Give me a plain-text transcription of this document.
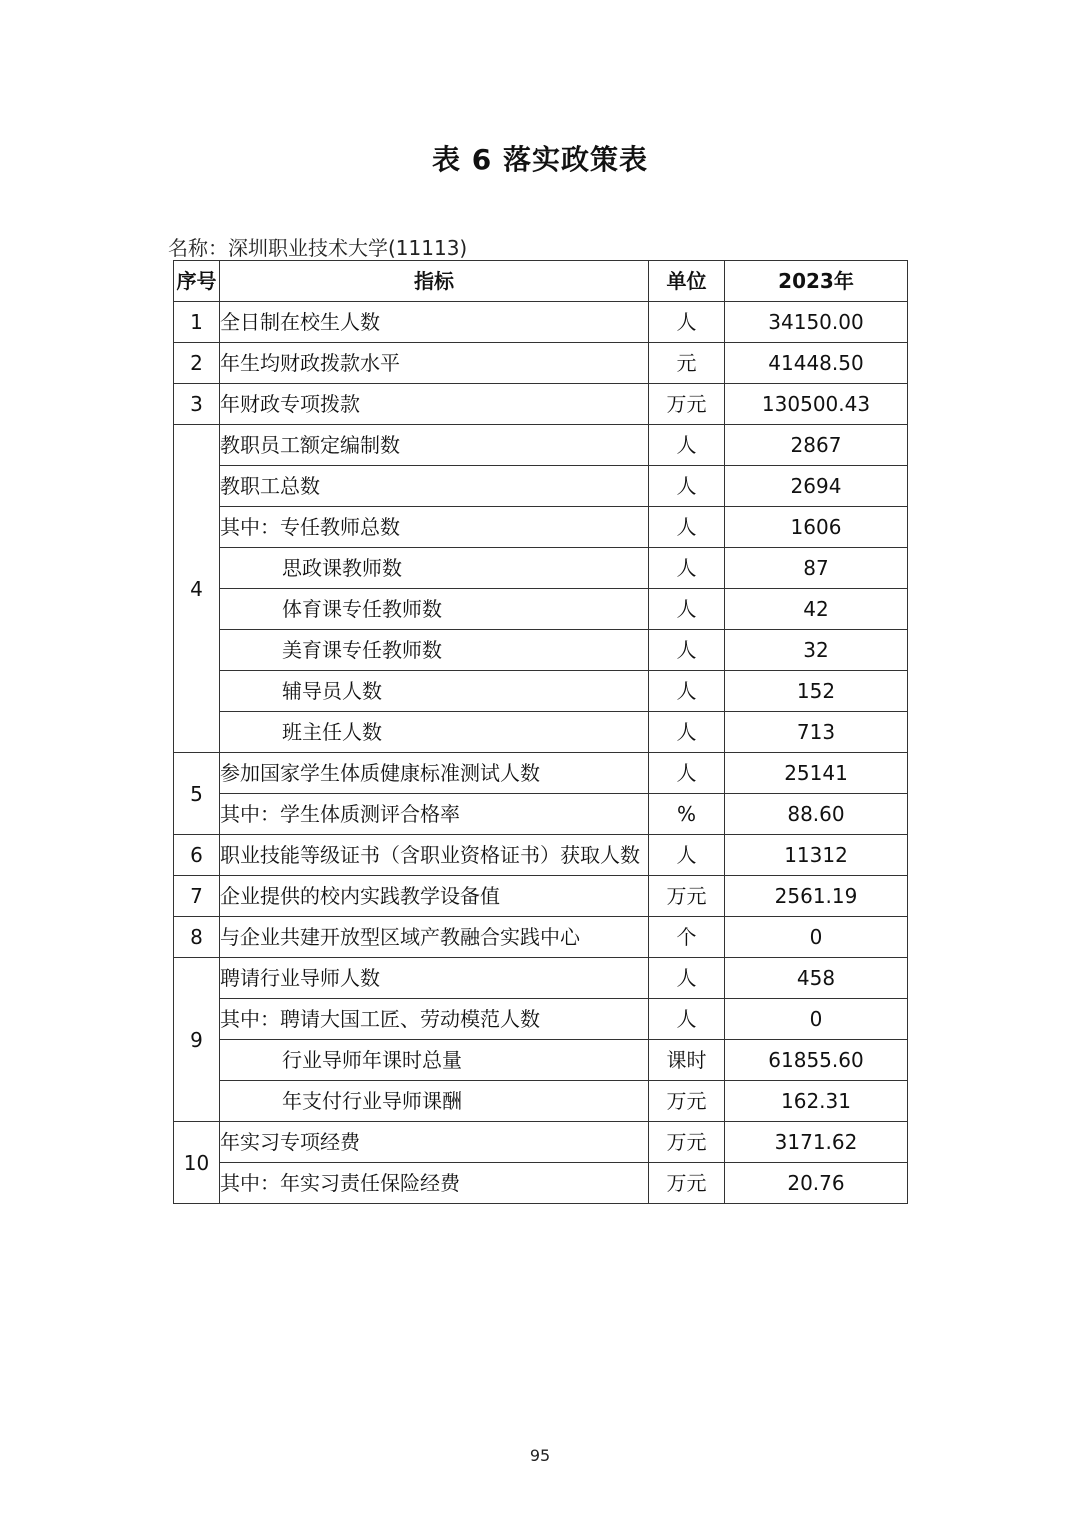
表 6 落实政策表
名称：深圳职业技术大学(11113)
序号	指标	单位	2023年
1	全日制在校生人数	人	34150.00
2	年生均财政拨款水平	元	41448.50
3	年财政专项拨款	万元	130500.43
4	教职员工额定编制数	人	2867
	教职工总数	人	2694
	其中：专任教师总数	人	1606
	思政课教师数	人	87
	体育课专任教师数	人	42
	美育课专任教师数	人	32
	辅导员人数	人	152
	班主任人数	人	713
5	参加国家学生体质健康标准测试人数	人	25141
	其中：学生体质测评合格率	%	88.60
6	职业技能等级证书（含职业资格证书）获取人数	人	11312
7	企业提供的校内实践教学设备值	万元	2561.19
8	与企业共建开放型区域产教融合实践中心	个	0
9	聘请行业导师人数	人	458
	其中：聘请大国工匠、劳动模范人数	人	0
	行业导师年课时总量	课时	61855.60
	年支付行业导师课酬	万元	162.31
10	年实习专项经费	万元	3171.62
	其中：年实习责任保险经费	万元	20.76
95
